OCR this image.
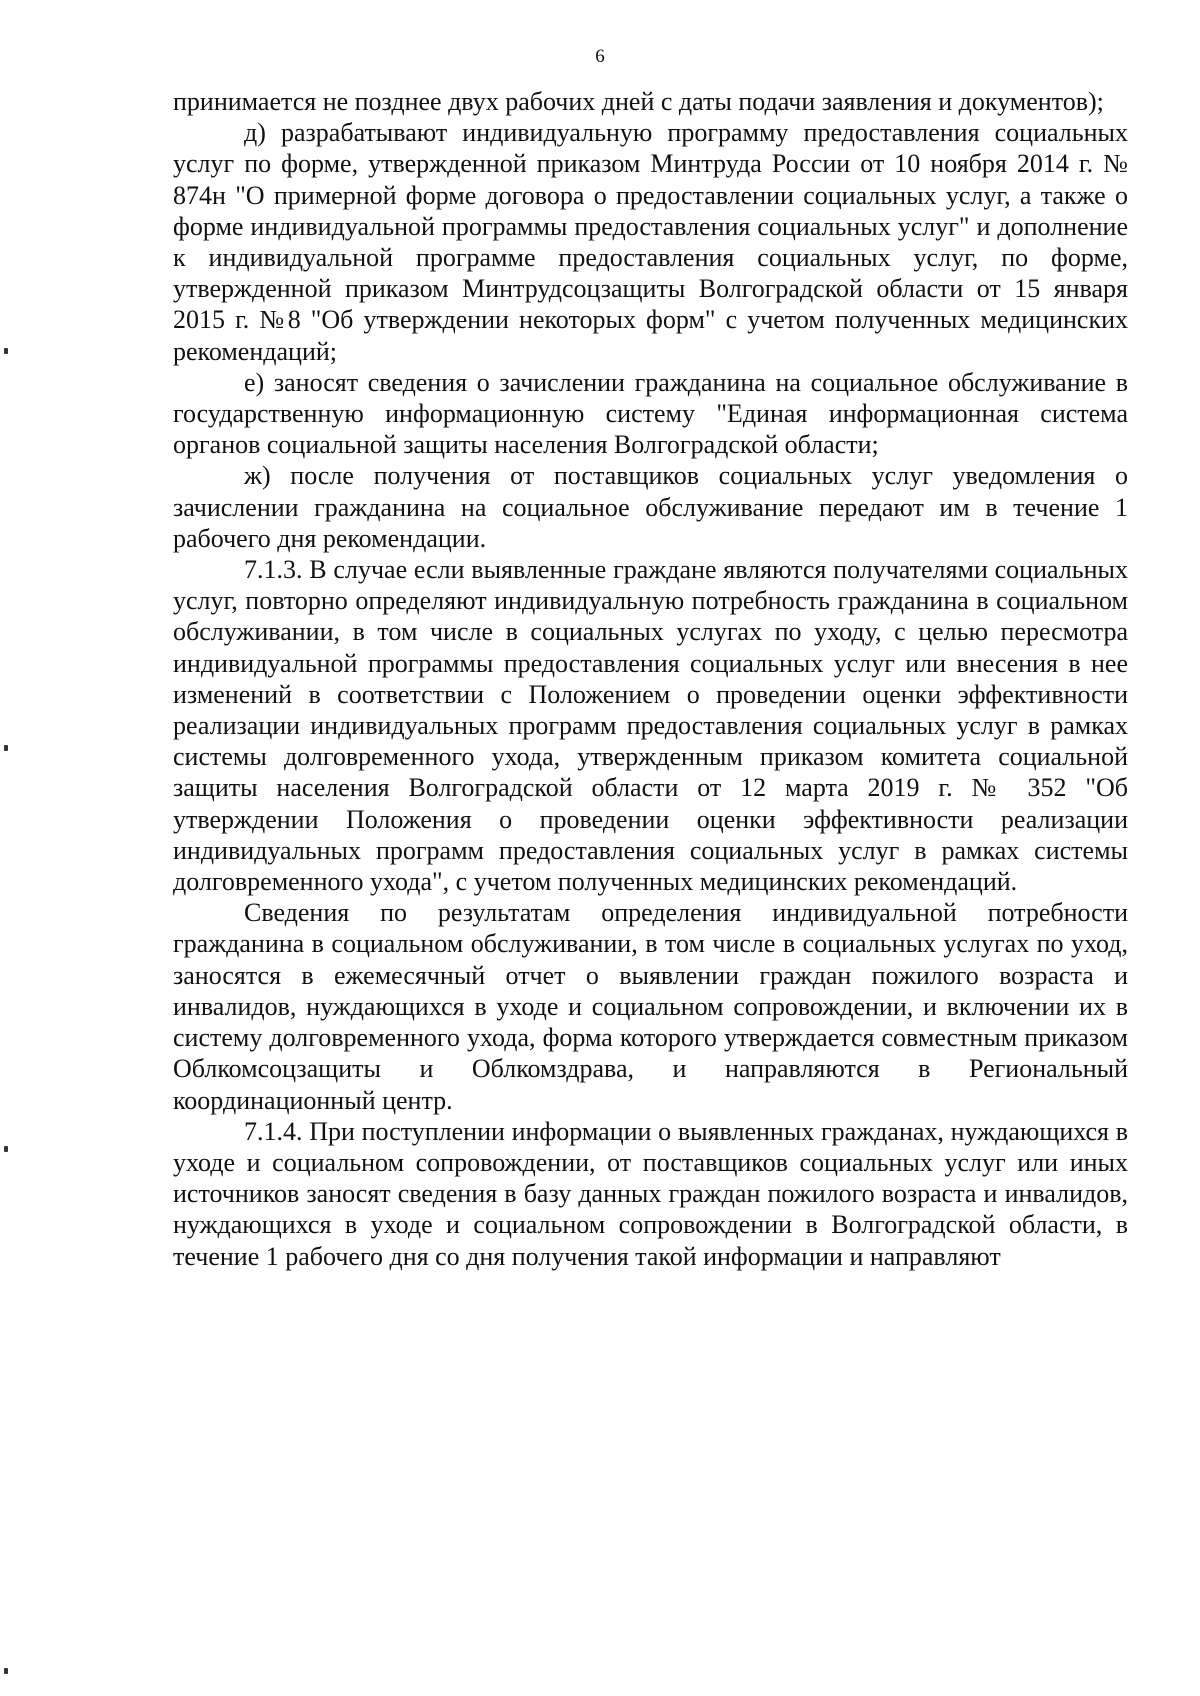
6

принимается не позднее двух рабочих дней с даты подачи заявления и документов);

д) разрабатывают индивидуальную программу предоставления социальных услуг по форме, утвержденной приказом Минтруда России от 10 ноября 2014 г. № 874н "О примерной форме договора о предоставлении социальных услуг, а также о форме индивидуальной программы предоставления социальных услуг" и дополнение к индивидуальной программе предоставления социальных услуг, по форме, утвержденной приказом Минтрудсоцзащиты Волгоградской области от 15 января 2015 г. №8 "Об утверждении некоторых форм" с учетом полученных медицинских рекомендаций;

е) заносят сведения о зачислении гражданина на социальное обслуживание в государственную информационную систему "Единая информационная система органов социальной защиты населения Волгоградской области;

ж) после получения от поставщиков социальных услуг уведомления о зачислении гражданина на социальное обслуживание передают им в течение 1 рабочего дня рекомендации.

7.1.3. В случае если выявленные граждане являются получателями социальных услуг, повторно определяют индивидуальную потребность гражданина в социальном обслуживании, в том числе в социальных услугах по уходу, с целью пересмотра индивидуальной программы предоставления социальных услуг или внесения в нее изменений в соответствии с Положением о проведении оценки эффективности реализации индивидуальных программ предоставления социальных услуг в рамках системы долговременного ухода, утвержденным приказом комитета социальной защиты населения Волгоградской области от 12 марта 2019 г. № 352 "Об утверждении Положения о проведении оценки эффективности реализации индивидуальных программ предоставления социальных услуг в рамках системы долговременного ухода", с учетом полученных медицинских рекомендаций.

Сведения по результатам определения индивидуальной потребности гражданина в социальном обслуживании, в том числе в социальных услугах по уход, заносятся в ежемесячный отчет о выявлении граждан пожилого возраста и инвалидов, нуждающихся в уходе и социальном сопровождении, и включении их в систему долговременного ухода, форма которого утверждается совместным приказом Облкомсоцзащиты и Облкомздрава, и направляются в Региональный координационный центр.

7.1.4. При поступлении информации о выявленных гражданах, нуждающихся в уходе и социальном сопровождении, от поставщиков социальных услуг или иных источников заносят сведения в базу данных граждан пожилого возраста и инвалидов, нуждающихся в уходе и социальном сопровождении в Волгоградской области, в течение 1 рабочего дня со дня получения такой информации и направляют
